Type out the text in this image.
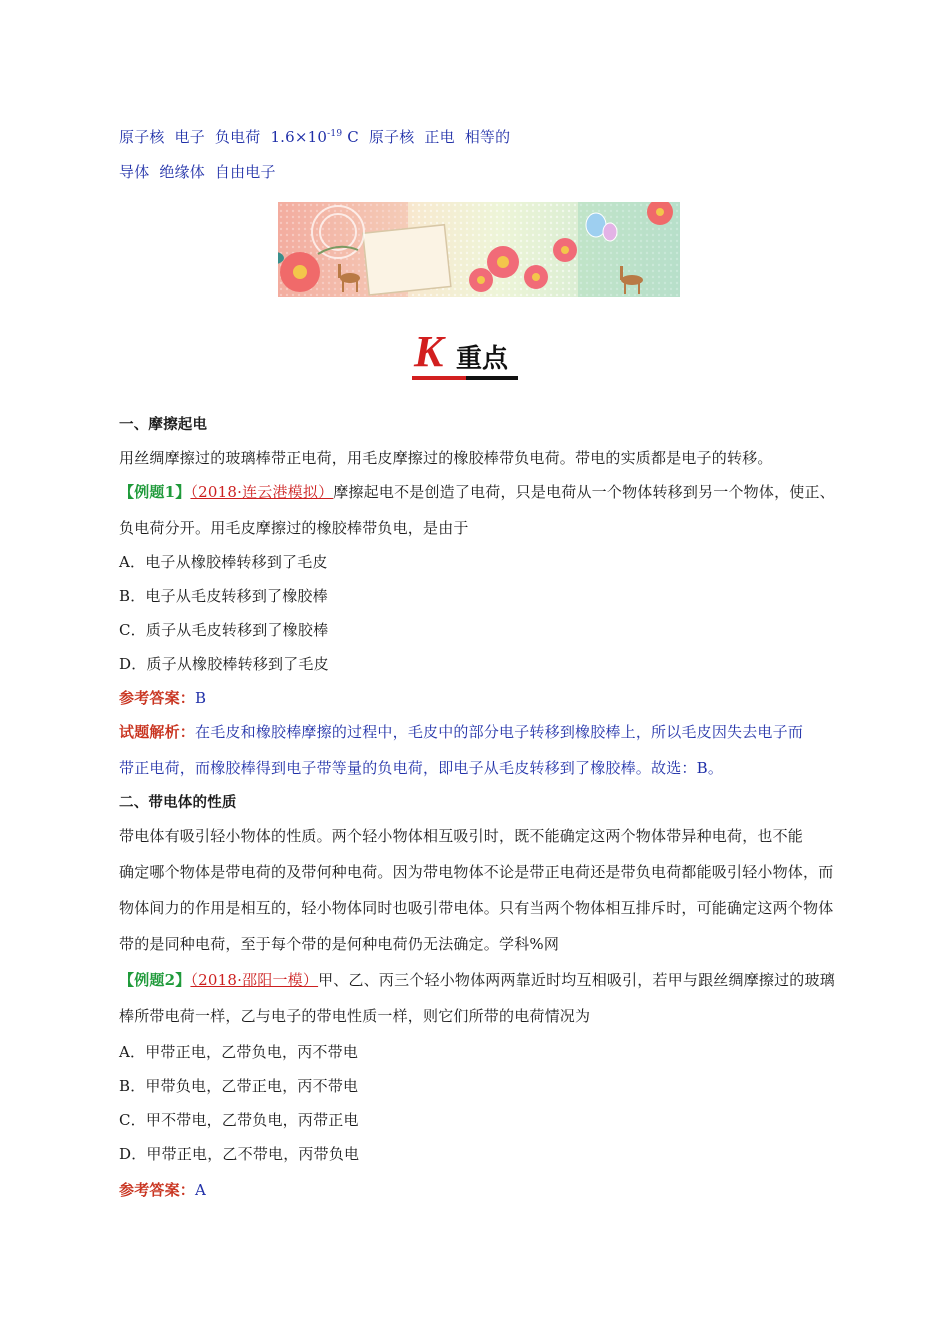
原子核 电子 负电荷 $1.6\times 10^{-19}$ C 原子核 正电 相等的
导体 绝缘体 自由电子
K 重点
一、摩擦起电
用丝绸摩擦过的玻璃棒带正电荷，用毛皮摩擦过的橡胶棒带负电荷。带电的实质都是电子的转移。
【例题1】（2018·连云港模拟）摩擦起电不是创造了电荷，只是电荷从一个物体转移到另一个物体，使正、
负电荷分开。用毛皮摩擦过的橡胶棒带负电，是由于
A．电子从橡胶棒转移到了毛皮
B．电子从毛皮转移到了橡胶棒
C．质子从毛皮转移到了橡胶棒
D．质子从橡胶棒转移到了毛皮
参考答案：B
试题解析：在毛皮和橡胶棒摩擦的过程中，毛皮中的部分电子转移到橡胶棒上，所以毛皮因失去电子而
带正电荷，而橡胶棒得到电子带等量的负电荷，即电子从毛皮转移到了橡胶棒。故选：B。
二、带电体的性质
带电体有吸引轻小物体的性质。两个轻小物体相互吸引时，既不能确定这两个物体带异种电荷，也不能
确定哪个物体是带电荷的及带何种电荷。因为带电物体不论是带正电荷还是带负电荷都能吸引轻小物体，而
物体间力的作用是相互的，轻小物体同时也吸引带电体。只有当两个物体相互排斥时，可能确定这两个物体
带的是同种电荷，至于每个带的是何种电荷仍无法确定。学科%网
【例题2】（2018·邵阳一模）甲、乙、丙三个轻小物体两两靠近时均互相吸引，若甲与跟丝绸摩擦过的玻璃
棒所带电荷一样，乙与电子的带电性质一样，则它们所带的电荷情况为
A．甲带正电，乙带负电，丙不带电
B．甲带负电，乙带正电，丙不带电
C．甲不带电，乙带负电，丙带正电
D．甲带正电，乙不带电，丙带负电
参考答案：A
